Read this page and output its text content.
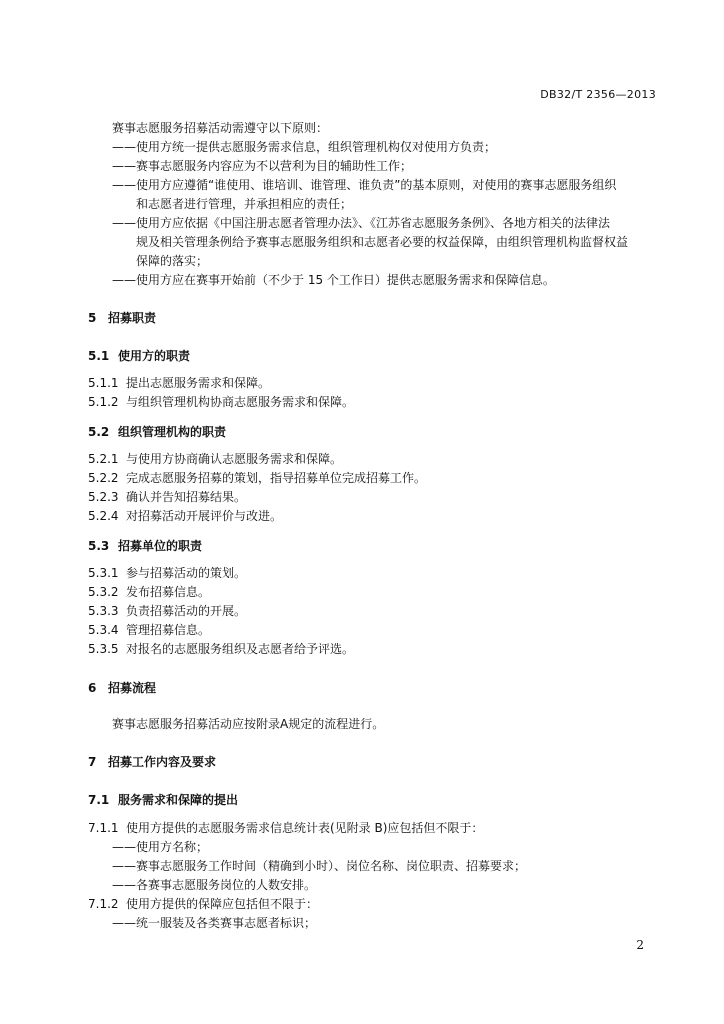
DB32/T 2356—2013
赛事志愿服务招募活动需遵守以下原则：
——使用方统一提供志愿服务需求信息，组织管理机构仅对使用方负责；
——赛事志愿服务内容应为不以营利为目的辅助性工作；
——使用方应遵循“谁使用、谁培训、谁管理、谁负责”的基本原则，对使用的赛事志愿服务组织
和志愿者进行管理，并承担相应的责任；
——使用方应依据《中国注册志愿者管理办法》、《江苏省志愿服务条例》、各地方相关的法律法
规及相关管理条例给予赛事志愿服务组织和志愿者必要的权益保障，由组织管理机构监督权益
保障的落实；
——使用方应在赛事开始前（不少于 15 个工作日）提供志愿服务需求和保障信息。
5 招募职责
5.1 使用方的职责
5.1.1 提出志愿服务需求和保障。
5.1.2 与组织管理机构协商志愿服务需求和保障。
5.2 组织管理机构的职责
5.2.1 与使用方协商确认志愿服务需求和保障。
5.2.2 完成志愿服务招募的策划，指导招募单位完成招募工作。
5.2.3 确认并告知招募结果。
5.2.4 对招募活动开展评价与改进。
5.3 招募单位的职责
5.3.1 参与招募活动的策划。
5.3.2 发布招募信息。
5.3.3 负责招募活动的开展。
5.3.4 管理招募信息。
5.3.5 对报名的志愿服务组织及志愿者给予评选。
6 招募流程
赛事志愿服务招募活动应按附录A规定的流程进行。
7 招募工作内容及要求
7.1 服务需求和保障的提出
7.1.1 使用方提供的志愿服务需求信息统计表(见附录 B)应包括但不限于：
——使用方名称；
——赛事志愿服务工作时间（精确到小时）、岗位名称、岗位职责、招募要求；
——各赛事志愿服务岗位的人数安排。
7.1.2 使用方提供的保障应包括但不限于：
——统一服装及各类赛事志愿者标识；
2
